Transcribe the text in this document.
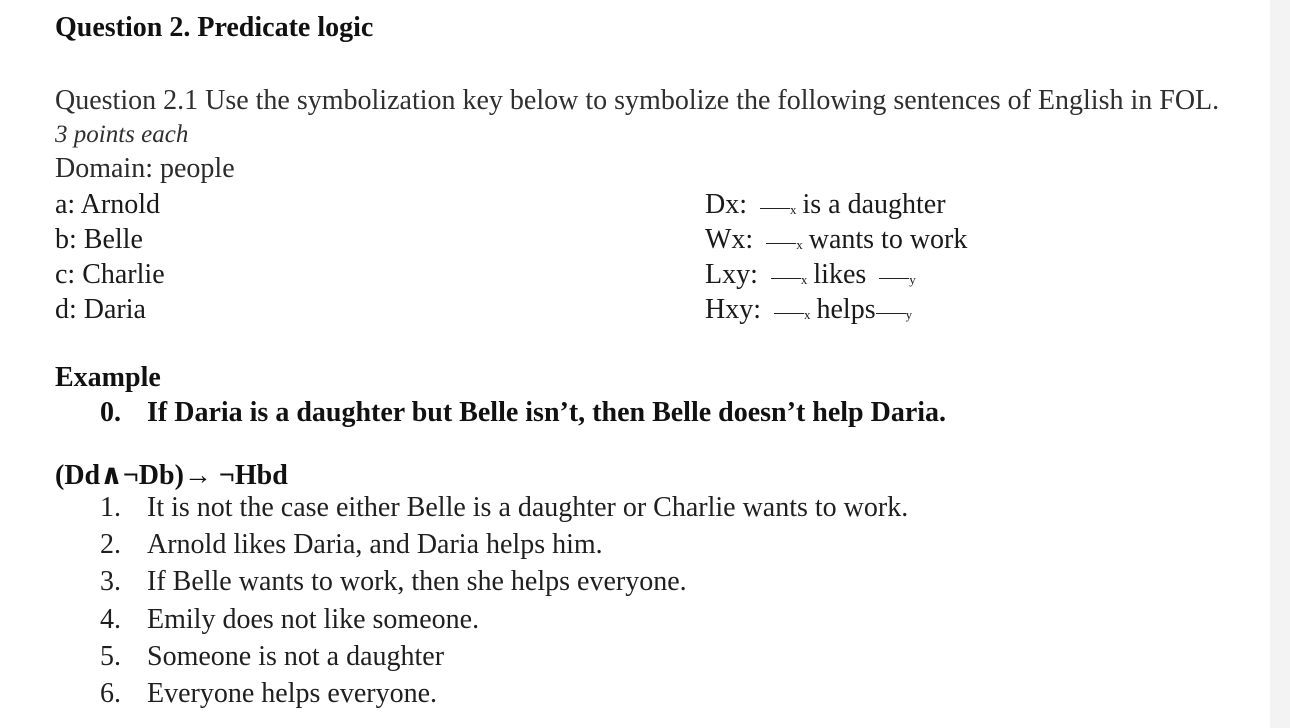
Question 2. Predicate logic
Question 2.1 Use the symbolization key below to symbolize the following sentences of English in FOL. 3 points each
Domain: people
a: Arnold
b: Belle
c: Charlie
d: Daria
Dx:	x is a daughter
Wx:	x wants to work
Lxy:	x likes	y
Hxy:	x helps y
Example
0. If Daria is a daughter but Belle isn’t, then Belle doesn’t help Daria.
(Dd∧¬Db)→ ¬Hbd
1. It is not the case either Belle is a daughter or Charlie wants to work.
2. Arnold likes Daria, and Daria helps him.
3. If Belle wants to work, then she helps everyone.
4. Emily does not like someone.
5. Someone is not a daughter
6. Everyone helps everyone.
